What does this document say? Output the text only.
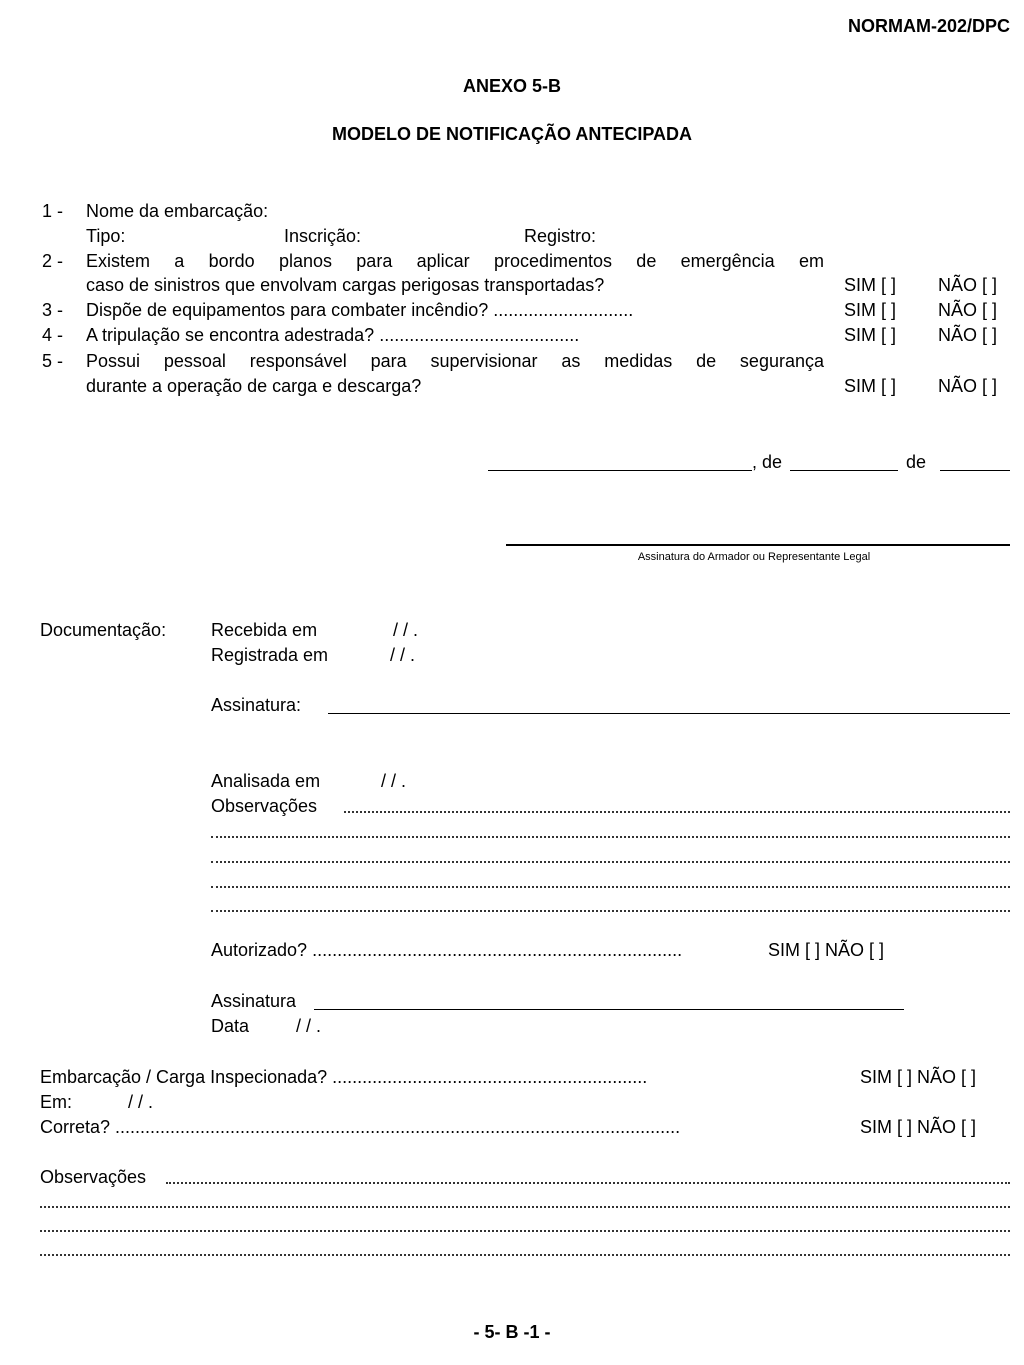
NORMAM-202/DPC
ANEXO 5-B
MODELO DE NOTIFICAÇÃO ANTECIPADA
1 -	Nome da embarcação:
Tipo:	Inscrição:	Registro:
2 -	Existem a bordo planos para aplicar procedimentos de emergência em
caso de sinistros que envolvam cargas perigosas transportadas?	SIM [ ] NÃO [ ]
3 -	Dispõe de equipamentos para combater incêndio? ............................	SIM [ ] NÃO [ ]
4 -	A tripulação se encontra adestrada? ........................................	SIM [ ] NÃO [ ]
5 -	Possui pessoal responsável para supervisionar as medidas de segurança
durante a operação de carga e descarga?	SIM [ ] NÃO [ ]
, de	de
Assinatura do Armador ou Representante Legal
Documentação: Recebida em	/ / .
Registrada em	/ / .
Assinatura:
Analisada em	/ / .
Observações
Autorizado? ..........................................................................	SIM [ ] NÃO [ ]
Assinatura
Data	/ / .
Embarcação / Carga Inspecionada? ...............................................................	SIM [ ] NÃO [ ]
Em:	/ / .
Correta? .................................................................................................................	SIM [ ] NÃO [ ]
Observações
- 5- B -1 -
